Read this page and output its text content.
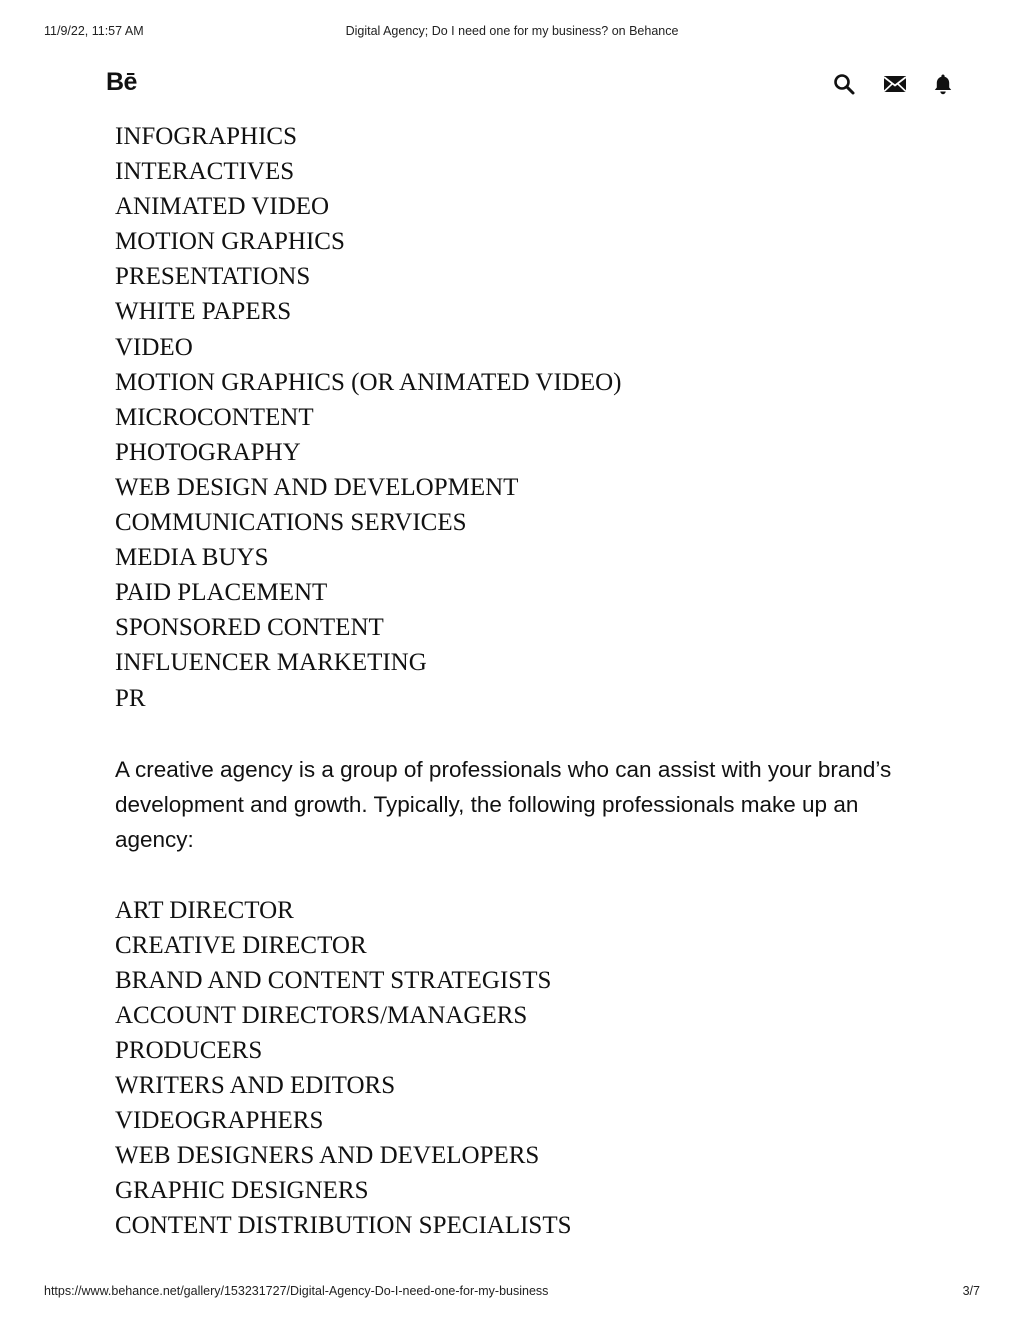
11/9/22, 11:57 AM	Digital Agency; Do I need one for my business? on Behance
Bē
INFOGRAPHICS
INTERACTIVES
ANIMATED VIDEO
MOTION GRAPHICS
PRESENTATIONS
WHITE PAPERS
VIDEO
MOTION GRAPHICS (OR ANIMATED VIDEO)
MICROCONTENT
PHOTOGRAPHY
WEB DESIGN AND DEVELOPMENT
COMMUNICATIONS SERVICES
MEDIA BUYS
PAID PLACEMENT
SPONSORED CONTENT
INFLUENCER MARKETING
PR

A creative agency is a group of professionals who can assist with your brand’s development and growth. Typically, the following professionals make up an agency:

ART DIRECTOR
CREATIVE DIRECTOR
BRAND AND CONTENT STRATEGISTS
ACCOUNT DIRECTORS/MANAGERS
PRODUCERS
WRITERS AND EDITORS
VIDEOGRAPHERS
WEB DESIGNERS AND DEVELOPERS
GRAPHIC DESIGNERS
CONTENT DISTRIBUTION SPECIALISTS
https://www.behance.net/gallery/153231727/Digital-Agency-Do-I-need-one-for-my-business	3/7
